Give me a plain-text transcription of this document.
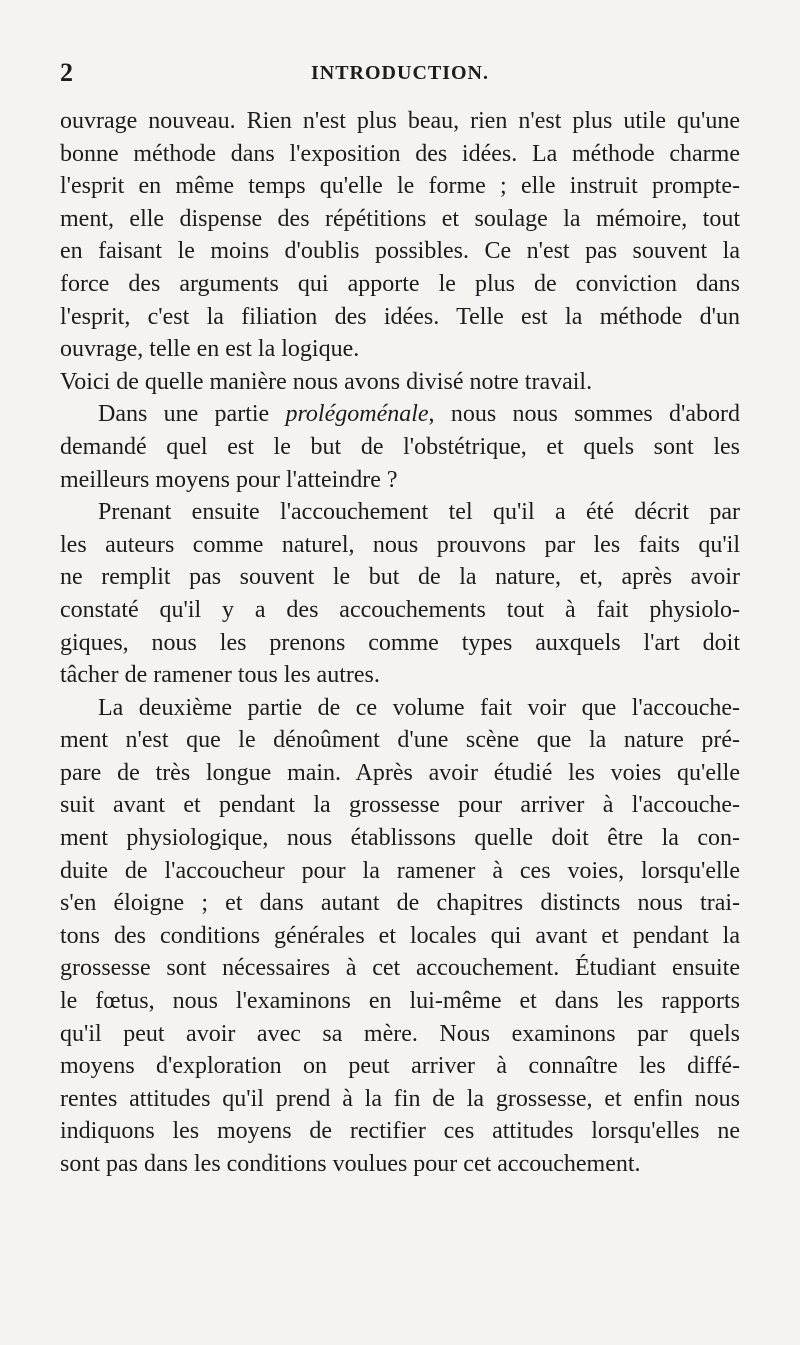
2	INTRODUCTION.
ouvrage nouveau. Rien n'est plus beau, rien n'est plus utile qu'une
bonne méthode dans l'exposition des idées. La méthode charme
l'esprit en même temps qu'elle le forme ; elle instruit prompte-
ment, elle dispense des répétitions et soulage la mémoire, tout
en faisant le moins d'oublis possibles. Ce n'est pas souvent la
force des arguments qui apporte le plus de conviction dans
l'esprit, c'est la filiation des idées. Telle est la méthode d'un
ouvrage, telle en est la logique.
Voici de quelle manière nous avons divisé notre travail.
Dans une partie prolégoménale, nous nous sommes d'abord
demandé quel est le but de l'obstétrique, et quels sont les
meilleurs moyens pour l'atteindre ?
Prenant ensuite l'accouchement tel qu'il a été décrit par
les auteurs comme naturel, nous prouvons par les faits qu'il
ne remplit pas souvent le but de la nature, et, après avoir
constaté qu'il y a des accouchements tout à fait physiolo-
giques, nous les prenons comme types auxquels l'art doit
tâcher de ramener tous les autres.
La deuxième partie de ce volume fait voir que l'accouche-
ment n'est que le dénoûment d'une scène que la nature pré-
pare de très longue main. Après avoir étudié les voies qu'elle
suit avant et pendant la grossesse pour arriver à l'accouche-
ment physiologique, nous établissons quelle doit être la con-
duite de l'accoucheur pour la ramener à ces voies, lorsqu'elle
s'en éloigne ; et dans autant de chapitres distincts nous trai-
tons des conditions générales et locales qui avant et pendant la
grossesse sont nécessaires à cet accouchement. Étudiant ensuite
le fœtus, nous l'examinons en lui-même et dans les rapports
qu'il peut avoir avec sa mère. Nous examinons par quels
moyens d'exploration on peut arriver à connaître les diffé-
rentes attitudes qu'il prend à la fin de la grossesse, et enfin nous
indiquons les moyens de rectifier ces attitudes lorsqu'elles ne
sont pas dans les conditions voulues pour cet accouchement.
